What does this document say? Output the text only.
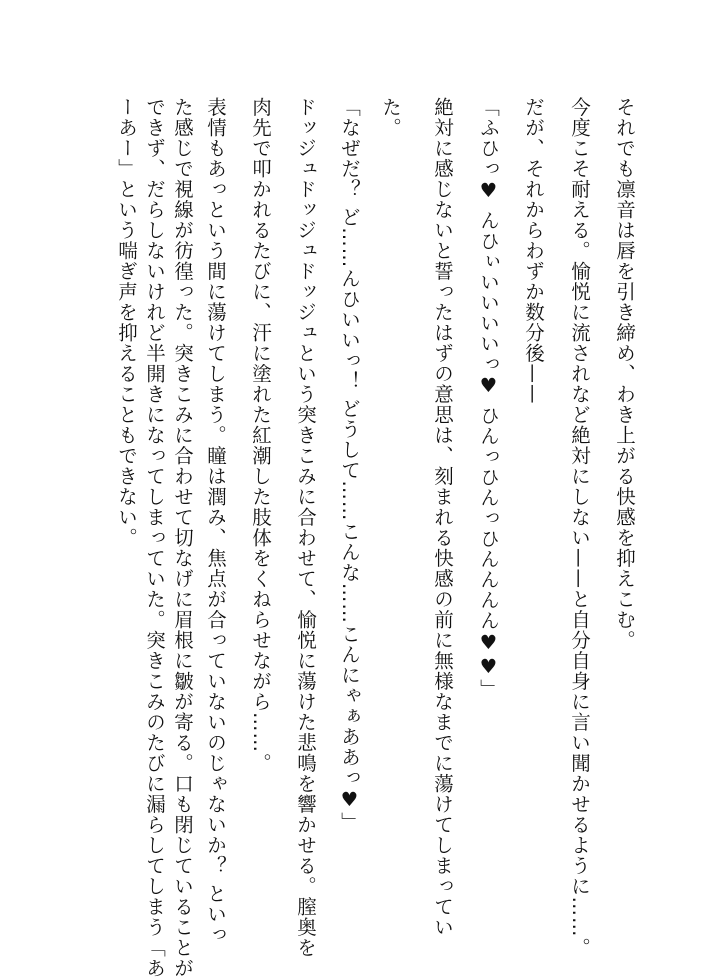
それでも凛音は唇を引き締め、わき上がる快感を抑えこむ。
今度こそ耐える。愉悦に流されなど絶対にしない——と自分自身に言い聞かせるように……。
だが、それからわずか数分後——
「ふひっ♥ んひぃいいいいっ♥ ひんっひんっひんんんん♥♥」
絶対に感じないと誓ったはずの意思は、刻まれる快感の前に無様なまでに蕩けてしまってい
た。
「なぜだ？ ど……んひいいっ！ どうして……こんな……こんにゃぁああっ♥」
ドッジュドッジュドッジュという突きこみに合わせて、愉悦に蕩けた悲鳴を響かせる。膣奥を
肉先で叩かれるたびに、汗に塗れた紅潮した肢体をくねらせながら……。
表情もあっという間に蕩けてしまう。瞳は潤み、焦点が合っていないのじゃないか？ といっ
た感じで視線が彷徨った。突きこみに合わせて切なげに眉根に皺が寄る。口も閉じていることが
できず、だらしないけれど半開きになってしまっていた。突きこみのたびに漏らしてしまう「あ
ーあー」という喘ぎ声を抑えることもできない。
